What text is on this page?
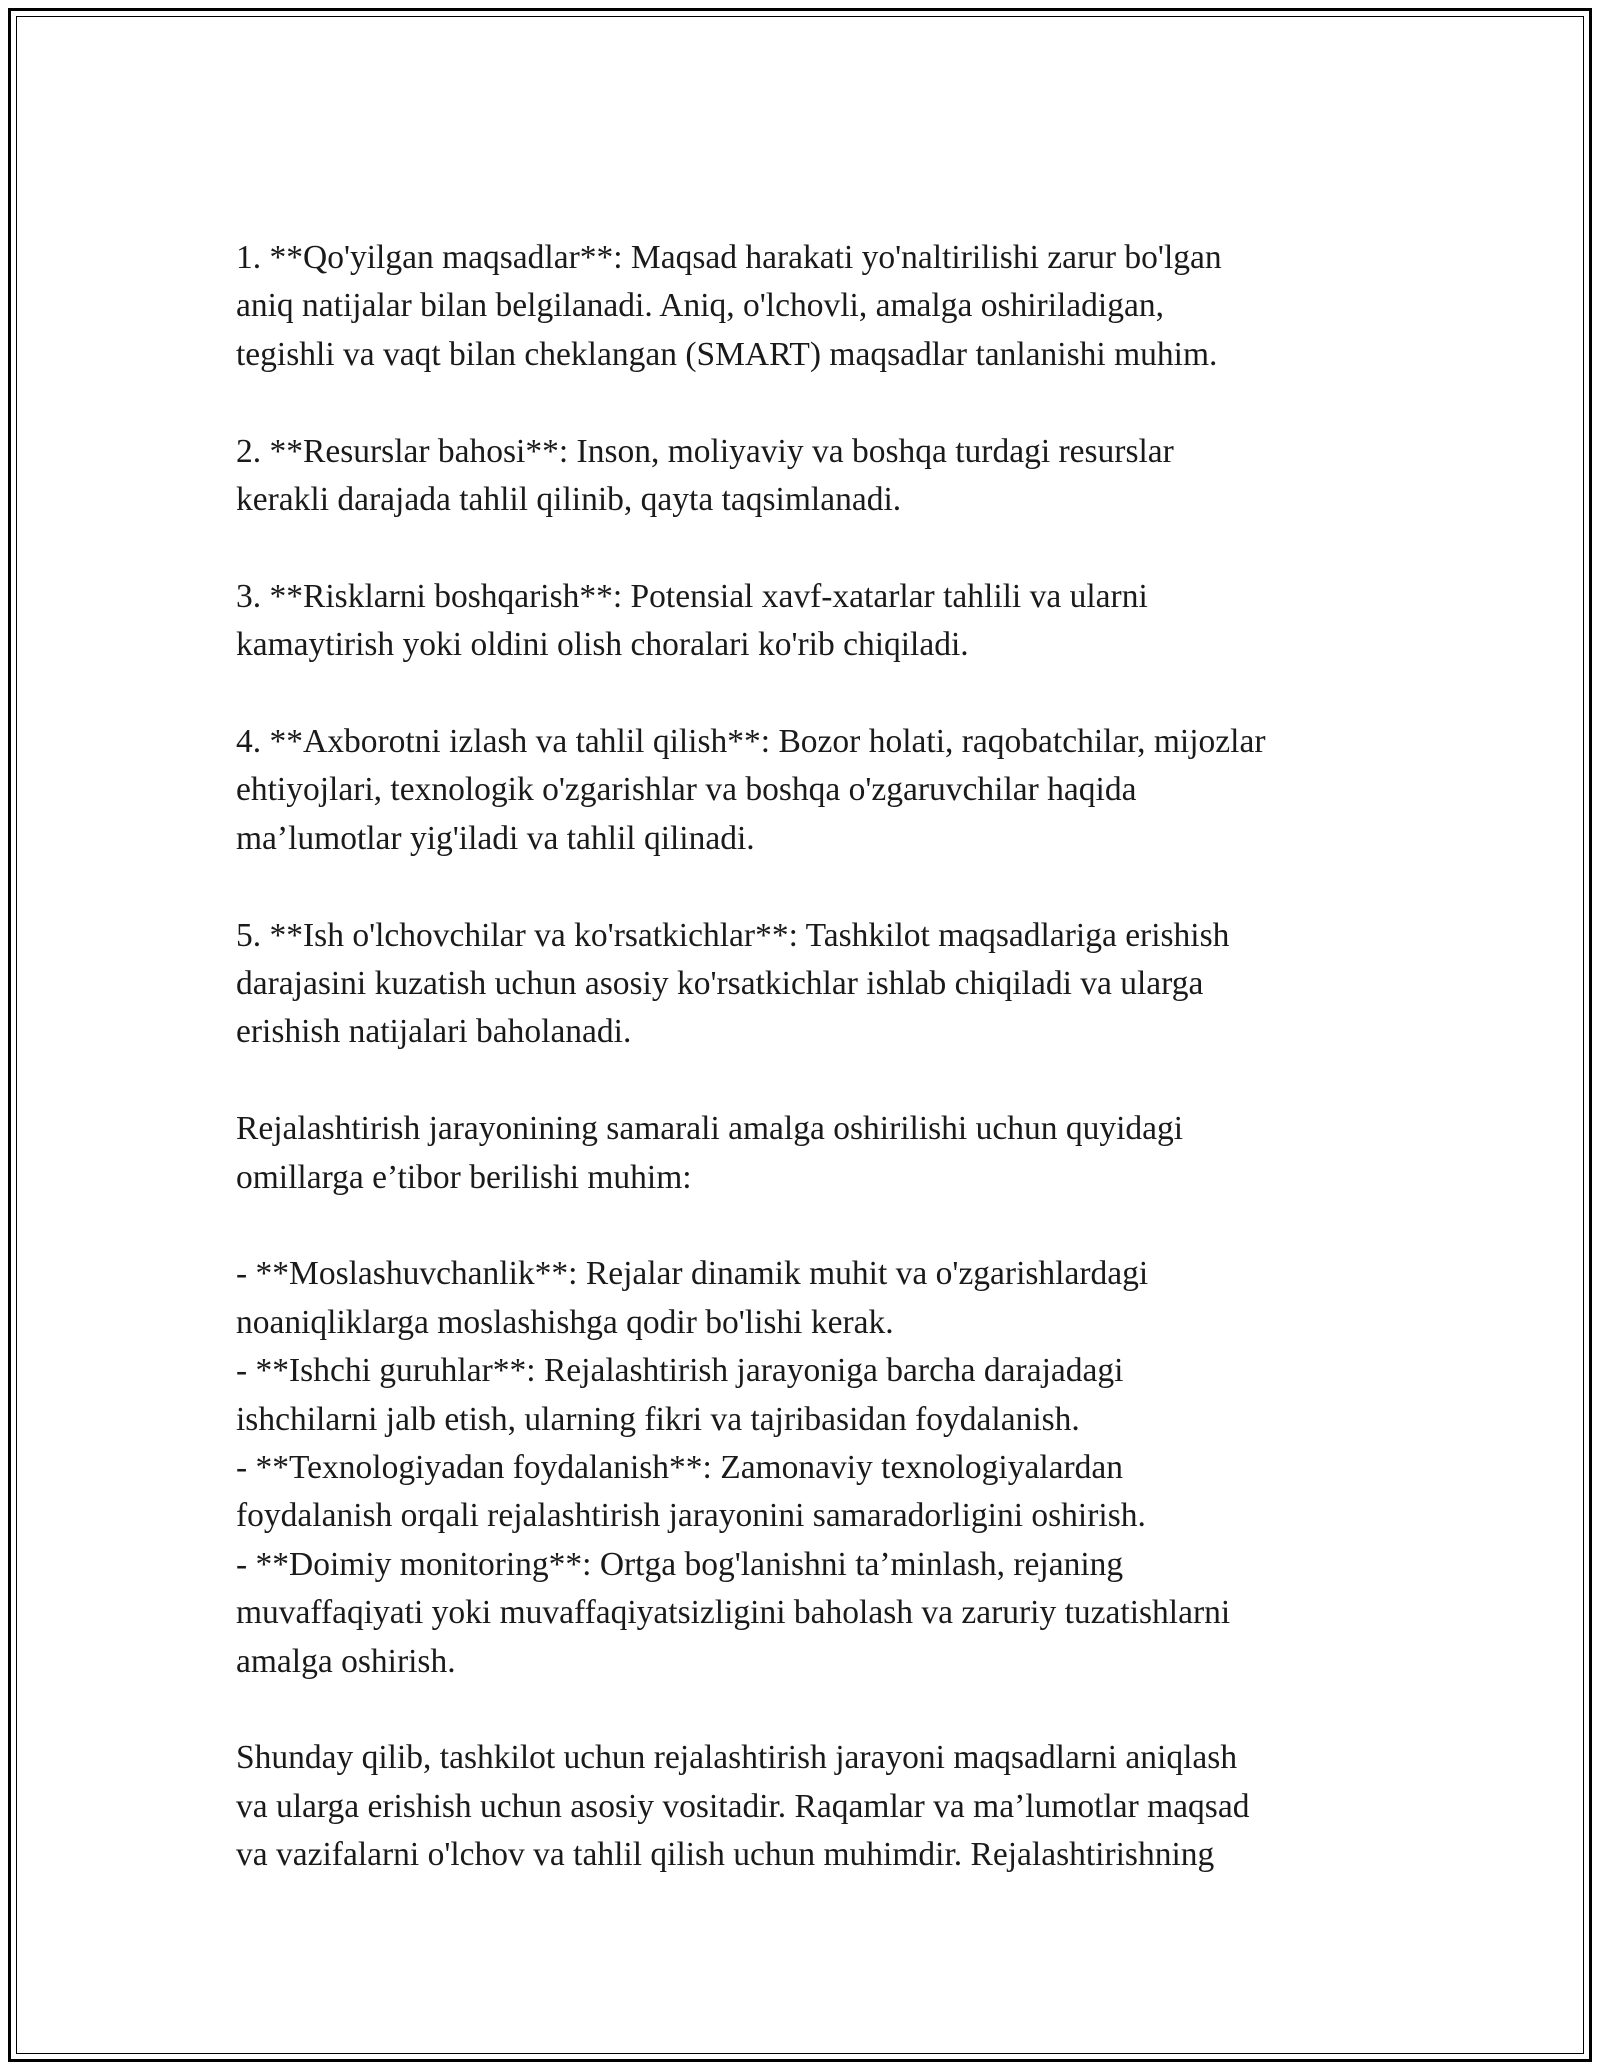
1. **Qo'yilgan maqsadlar**: Maqsad harakati yo'naltirilishi zarur bo'lgan
aniq natijalar bilan belgilanadi. Aniq, o'lchovli, amalga oshiriladigan,
tegishli va vaqt bilan cheklangan (SMART) maqsadlar tanlanishi muhim.
2. **Resurslar bahosi**: Inson, moliyaviy va boshqa turdagi resurslar
kerakli darajada tahlil qilinib, qayta taqsimlanadi.
3. **Risklarni boshqarish**: Potensial xavf-xatarlar tahlili va ularni
kamaytirish yoki oldini olish choralari ko'rib chiqiladi.
4. **Axborotni izlash va tahlil qilish**: Bozor holati, raqobatchilar, mijozlar
ehtiyojlari, texnologik o'zgarishlar va boshqa o'zgaruvchilar haqida
ma’lumotlar yig'iladi va tahlil qilinadi.
5. **Ish o'lchovchilar va ko'rsatkichlar**: Tashkilot maqsadlariga erishish
darajasini kuzatish uchun asosiy ko'rsatkichlar ishlab chiqiladi va ularga
erishish natijalari baholanadi.
Rejalashtirish jarayonining samarali amalga oshirilishi uchun quyidagi
omillarga e’tibor berilishi muhim:
- **Moslashuvchanlik**: Rejalar dinamik muhit va o'zgarishlardagi
noaniqliklarga moslashishga qodir bo'lishi kerak.
- **Ishchi guruhlar**: Rejalashtirish jarayoniga barcha darajadagi
ishchilarni jalb etish, ularning fikri va tajribasidan foydalanish.
- **Texnologiyadan foydalanish**: Zamonaviy texnologiyalardan
foydalanish orqali rejalashtirish jarayonini samaradorligini oshirish.
- **Doimiy monitoring**: Ortga bog'lanishni ta’minlash, rejaning
muvaffaqiyati yoki muvaffaqiyatsizligini baholash va zaruriy tuzatishlarni
amalga oshirish.
Shunday qilib, tashkilot uchun rejalashtirish jarayoni maqsadlarni aniqlash
va ularga erishish uchun asosiy vositadir. Raqamlar va ma’lumotlar maqsad
va vazifalarni o'lchov va tahlil qilish uchun muhimdir. Rejalashtirishning
